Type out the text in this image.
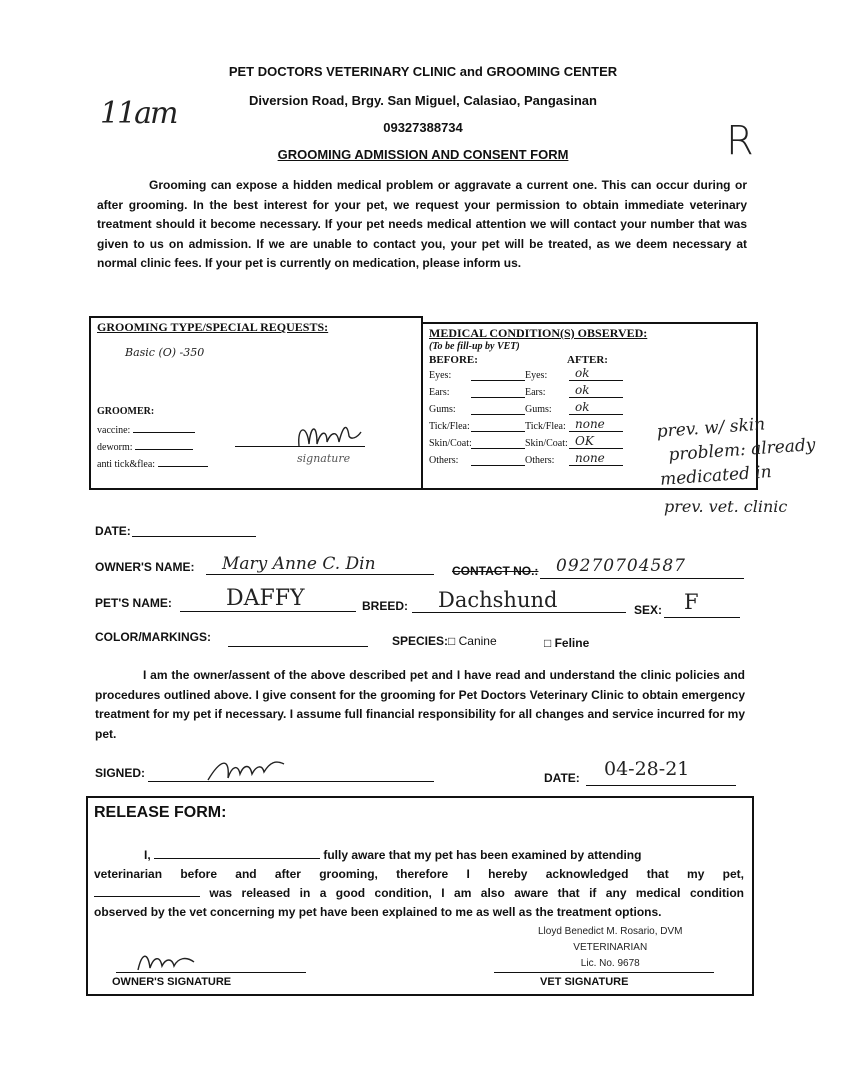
PET DOCTORS VETERINARY CLINIC and GROOMING CENTER
Diversion Road, Brgy. San Miguel, Calasiao, Pangasinan
09327388734
GROOMING ADMISSION AND CONSENT FORM
11am
R
Grooming can expose a hidden medical problem or aggravate a current one. This can occur during or after grooming. In the best interest for your pet, we request your permission to obtain immediate veterinary treatment should it become necessary. If your pet needs medical attention we will contact your number that was given to us on admission. If we are unable to contact you, your pet will be treated, as we deem necessary at normal clinic fees. If your pet is currently on medication, please inform us.
GROOMING TYPE/SPECIAL REQUESTS:
Basic (O) -350
GROOMER:
vaccine:
deworm:
anti tick&flea:	signature
MEDICAL CONDITION(S) OBSERVED:
(To be fill-up by VET)
BEFORE:	AFTER:
Eyes:	Eyes: ok
Ears:	Ears: ok
Gums:	Gums: ok
Tick/Flea:	Tick/Flea: none
Skin/Coat:	Skin/Coat: OK
Others:	Others: none
prev. w/ skin
problem: already
medicated in
prev. vet. clinic
DATE:
OWNER'S NAME: Mary Anne C. Din	CONTACT NO.: 09270704587
PET'S NAME: DAFFY	BREED: Dachshund	SEX: F
COLOR/MARKINGS:	SPECIES:□ Canine	□ Feline
I am the owner/assent of the above described pet and I have read and understand the clinic policies and procedures outlined above. I give consent for the grooming for Pet Doctors Veterinary Clinic to obtain emergency treatment for my pet if necessary. I assume full financial responsibility for all changes and service incurred for my pet.
SIGNED:	DATE: 04-28-21
RELEASE FORM:
I,	fully aware that my pet has been examined by attending
veterinarian before and after grooming, therefore I hereby acknowledged that my pet,
was released in a good condition, I am also aware that if any medical condition
observed by the vet concerning my pet have been explained to me as well as the treatment options.
Lloyd Benedict M. Rosario, DVM
VETERINARIAN
Lic. No. 9678
OWNER'S SIGNATURE	VET SIGNATURE
